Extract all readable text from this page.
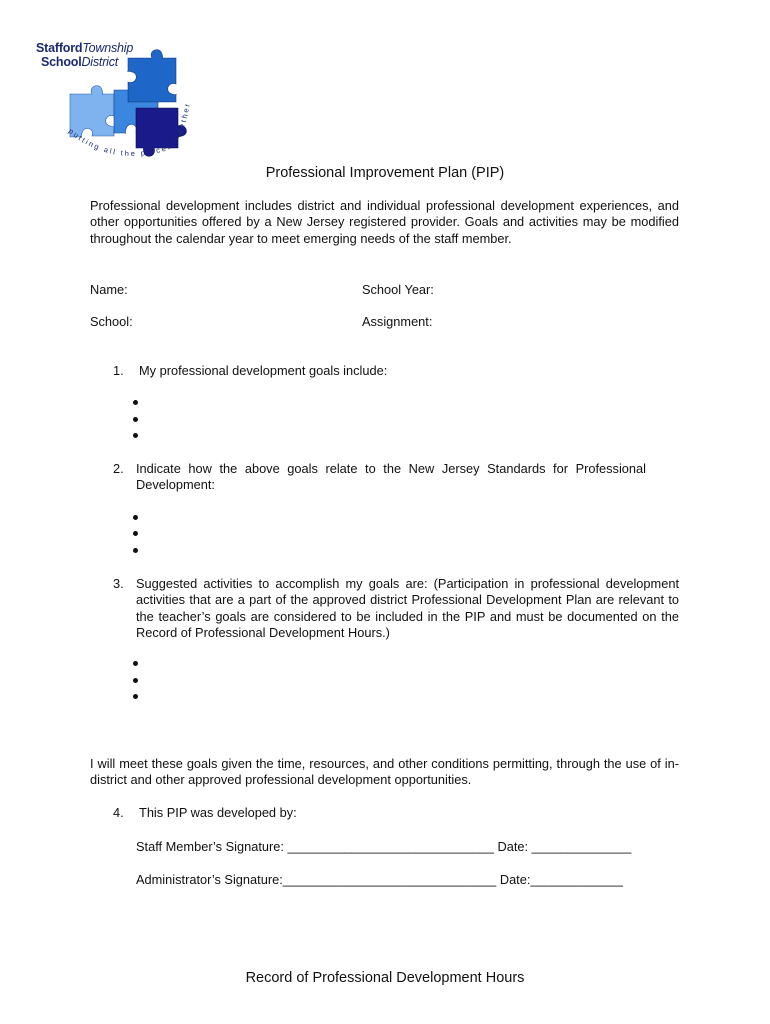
StaffordTownship
SchoolDistrict
putting all the pieces together
Professional Improvement Plan (PIP)
Professional development includes district and individual professional development experiences, and other opportunities offered by a New Jersey registered provider. Goals and activities may be modified throughout the calendar year to meet emerging needs of the staff member.
Name:	School Year:
School:	Assignment:
1. My professional development goals include:
2. Indicate how the above goals relate to the New Jersey Standards for Professional Development:
3. Suggested activities to accomplish my goals are: (Participation in professional development activities that are a part of the approved district Professional Development Plan are relevant to the teacher’s goals are considered to be included in the PIP and must be documented on the Record of Professional Development Hours.)
I will meet these goals given the time, resources, and other conditions permitting, through the use of in-district and other approved professional development opportunities.
4. This PIP was developed by:
Staff Member’s Signature: _____________________________ Date: ______________
Administrator’s Signature:______________________________ Date:_____________
Record of Professional Development Hours
